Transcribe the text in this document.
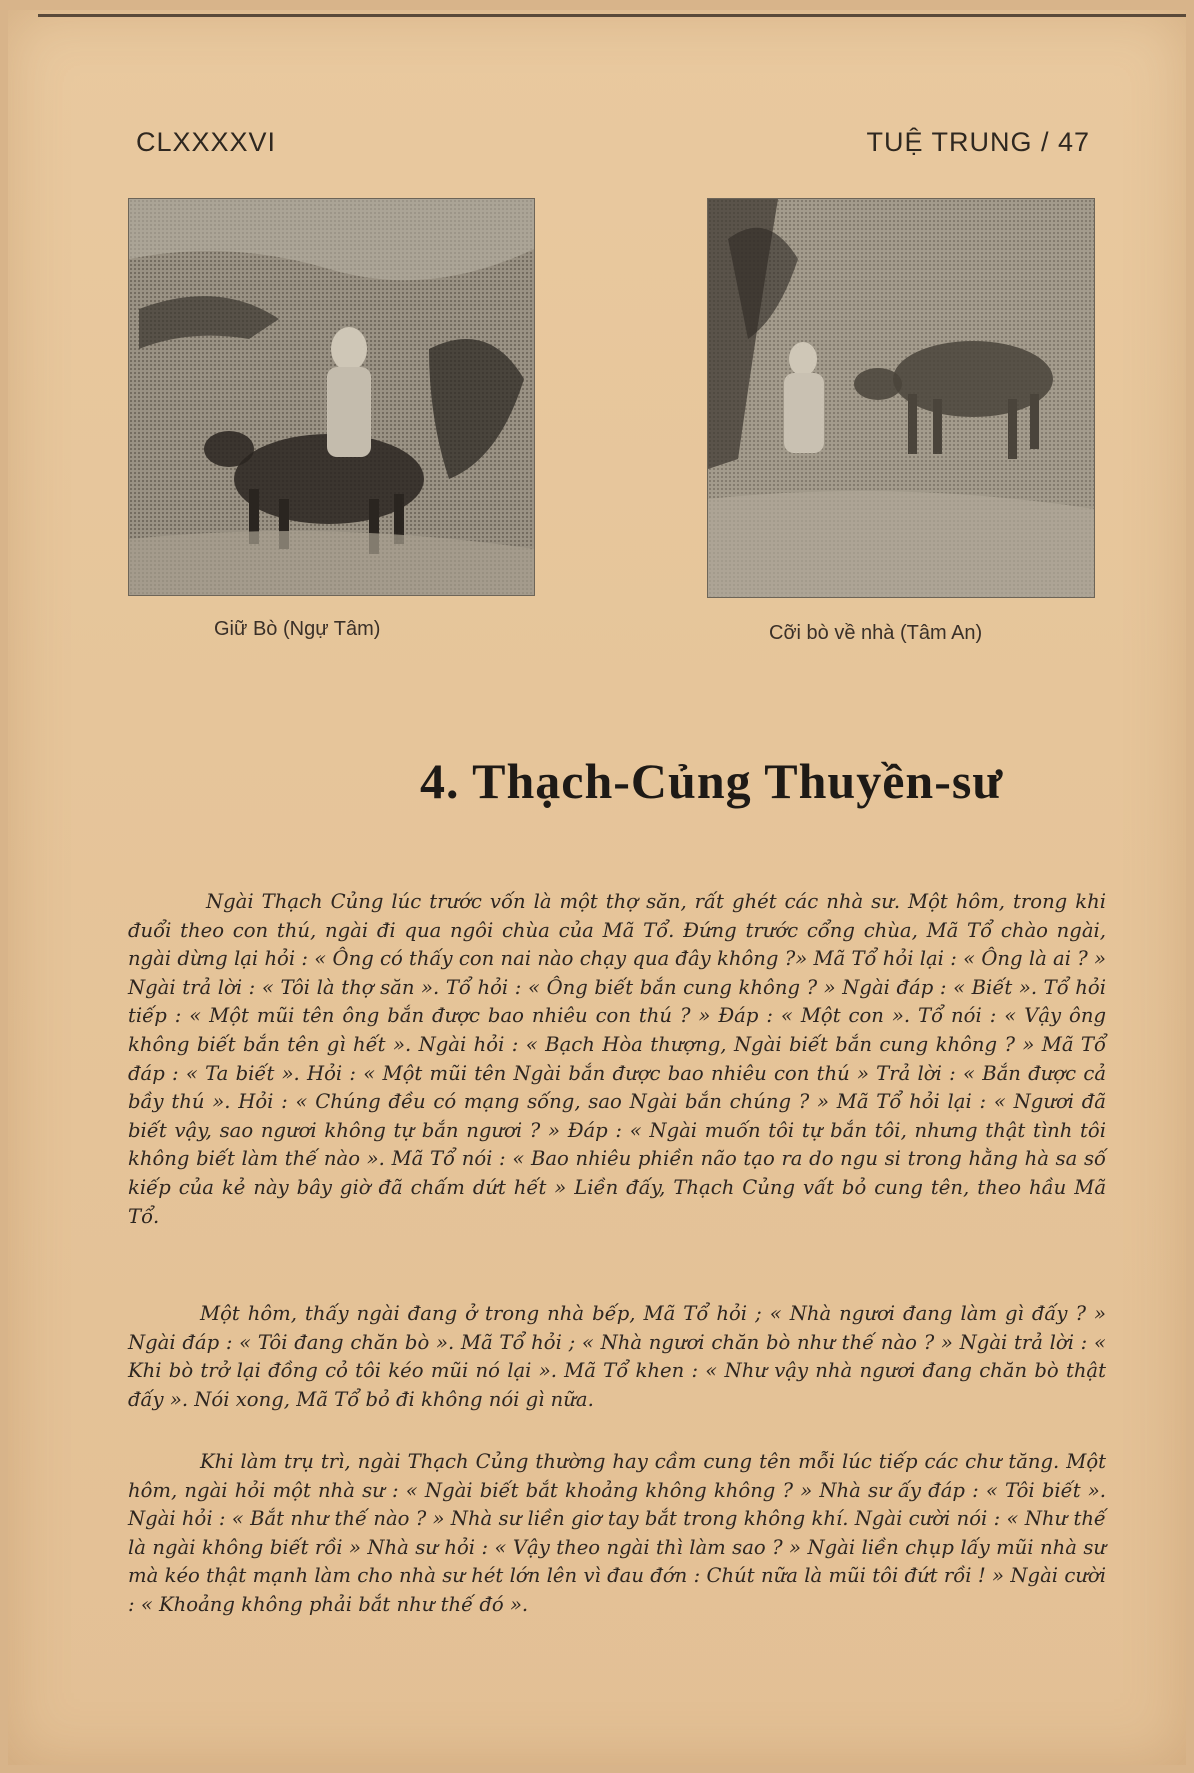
CLXXXXVI	TUỆ TRUNG / 47
Giữ Bò (Ngự Tâm)	Cỡi bò về nhà (Tâm An)
4. Thạch-Củng Thuyền-sư

Ngài Thạch Củng lúc trước vốn là một thợ săn, rất ghét các nhà sư. Một hôm, trong khi đuổi theo con thú, ngài đi qua ngôi chùa của Mã Tổ. Đứng trước cổng chùa, Mã Tổ chào ngài, ngài dừng lại hỏi : « Ông có thấy con nai nào chạy qua đây không ?» Mã Tổ hỏi lại : « Ông là ai ? » Ngài trả lời : « Tôi là thợ săn ». Tổ hỏi : « Ông biết bắn cung không ? » Ngài đáp : « Biết ». Tổ hỏi tiếp : « Một mũi tên ông bắn được bao nhiêu con thú ? » Đáp : « Một con ». Tổ nói : « Vậy ông không biết bắn tên gì hết ». Ngài hỏi : « Bạch Hòa thượng, Ngài biết bắn cung không ? » Mã Tổ đáp : « Ta biết ». Hỏi : « Một mũi tên Ngài bắn được bao nhiêu con thú » Trả lời : « Bắn được cả bầy thú ». Hỏi : « Chúng đều có mạng sống, sao Ngài bắn chúng ? » Mã Tổ hỏi lại : « Ngươi đã biết vậy, sao ngươi không tự bắn ngươi ? » Đáp : « Ngài muốn tôi tự bắn tôi, nhưng thật tình tôi không biết làm thế nào ». Mã Tổ nói : « Bao nhiêu phiền não tạo ra do ngu si trong hằng hà sa số kiếp của kẻ này bây giờ đã chấm dứt hết » Liền đấy, Thạch Củng vất bỏ cung tên, theo hầu Mã Tổ.

Một hôm, thấy ngài đang ở trong nhà bếp, Mã Tổ hỏi ; « Nhà ngươi đang làm gì đấy ? » Ngài đáp : « Tôi đang chăn bò ». Mã Tổ hỏi ; « Nhà ngươi chăn bò như thế nào ? » Ngài trả lời : « Khi bò trở lại đồng cỏ tôi kéo mũi nó lại ». Mã Tổ khen : « Như vậy nhà ngươi đang chăn bò thật đấy ». Nói xong, Mã Tổ bỏ đi không nói gì nữa.

Khi làm trụ trì, ngài Thạch Củng thường hay cầm cung tên mỗi lúc tiếp các chư tăng. Một hôm, ngài hỏi một nhà sư : « Ngài biết bắt khoảng không không ? » Nhà sư ấy đáp : « Tôi biết ». Ngài hỏi : « Bắt như thế nào ? » Nhà sư liền giơ tay bắt trong không khí. Ngài cười nói : « Như thế là ngài không biết rồi » Nhà sư hỏi : « Vậy theo ngài thì làm sao ? » Ngài liền chụp lấy mũi nhà sư mà kéo thật mạnh làm cho nhà sư hét lớn lên vì đau đớn : Chút nữa là mũi tôi đứt rồi ! » Ngài cười : « Khoảng không phải bắt như thế đó ».
